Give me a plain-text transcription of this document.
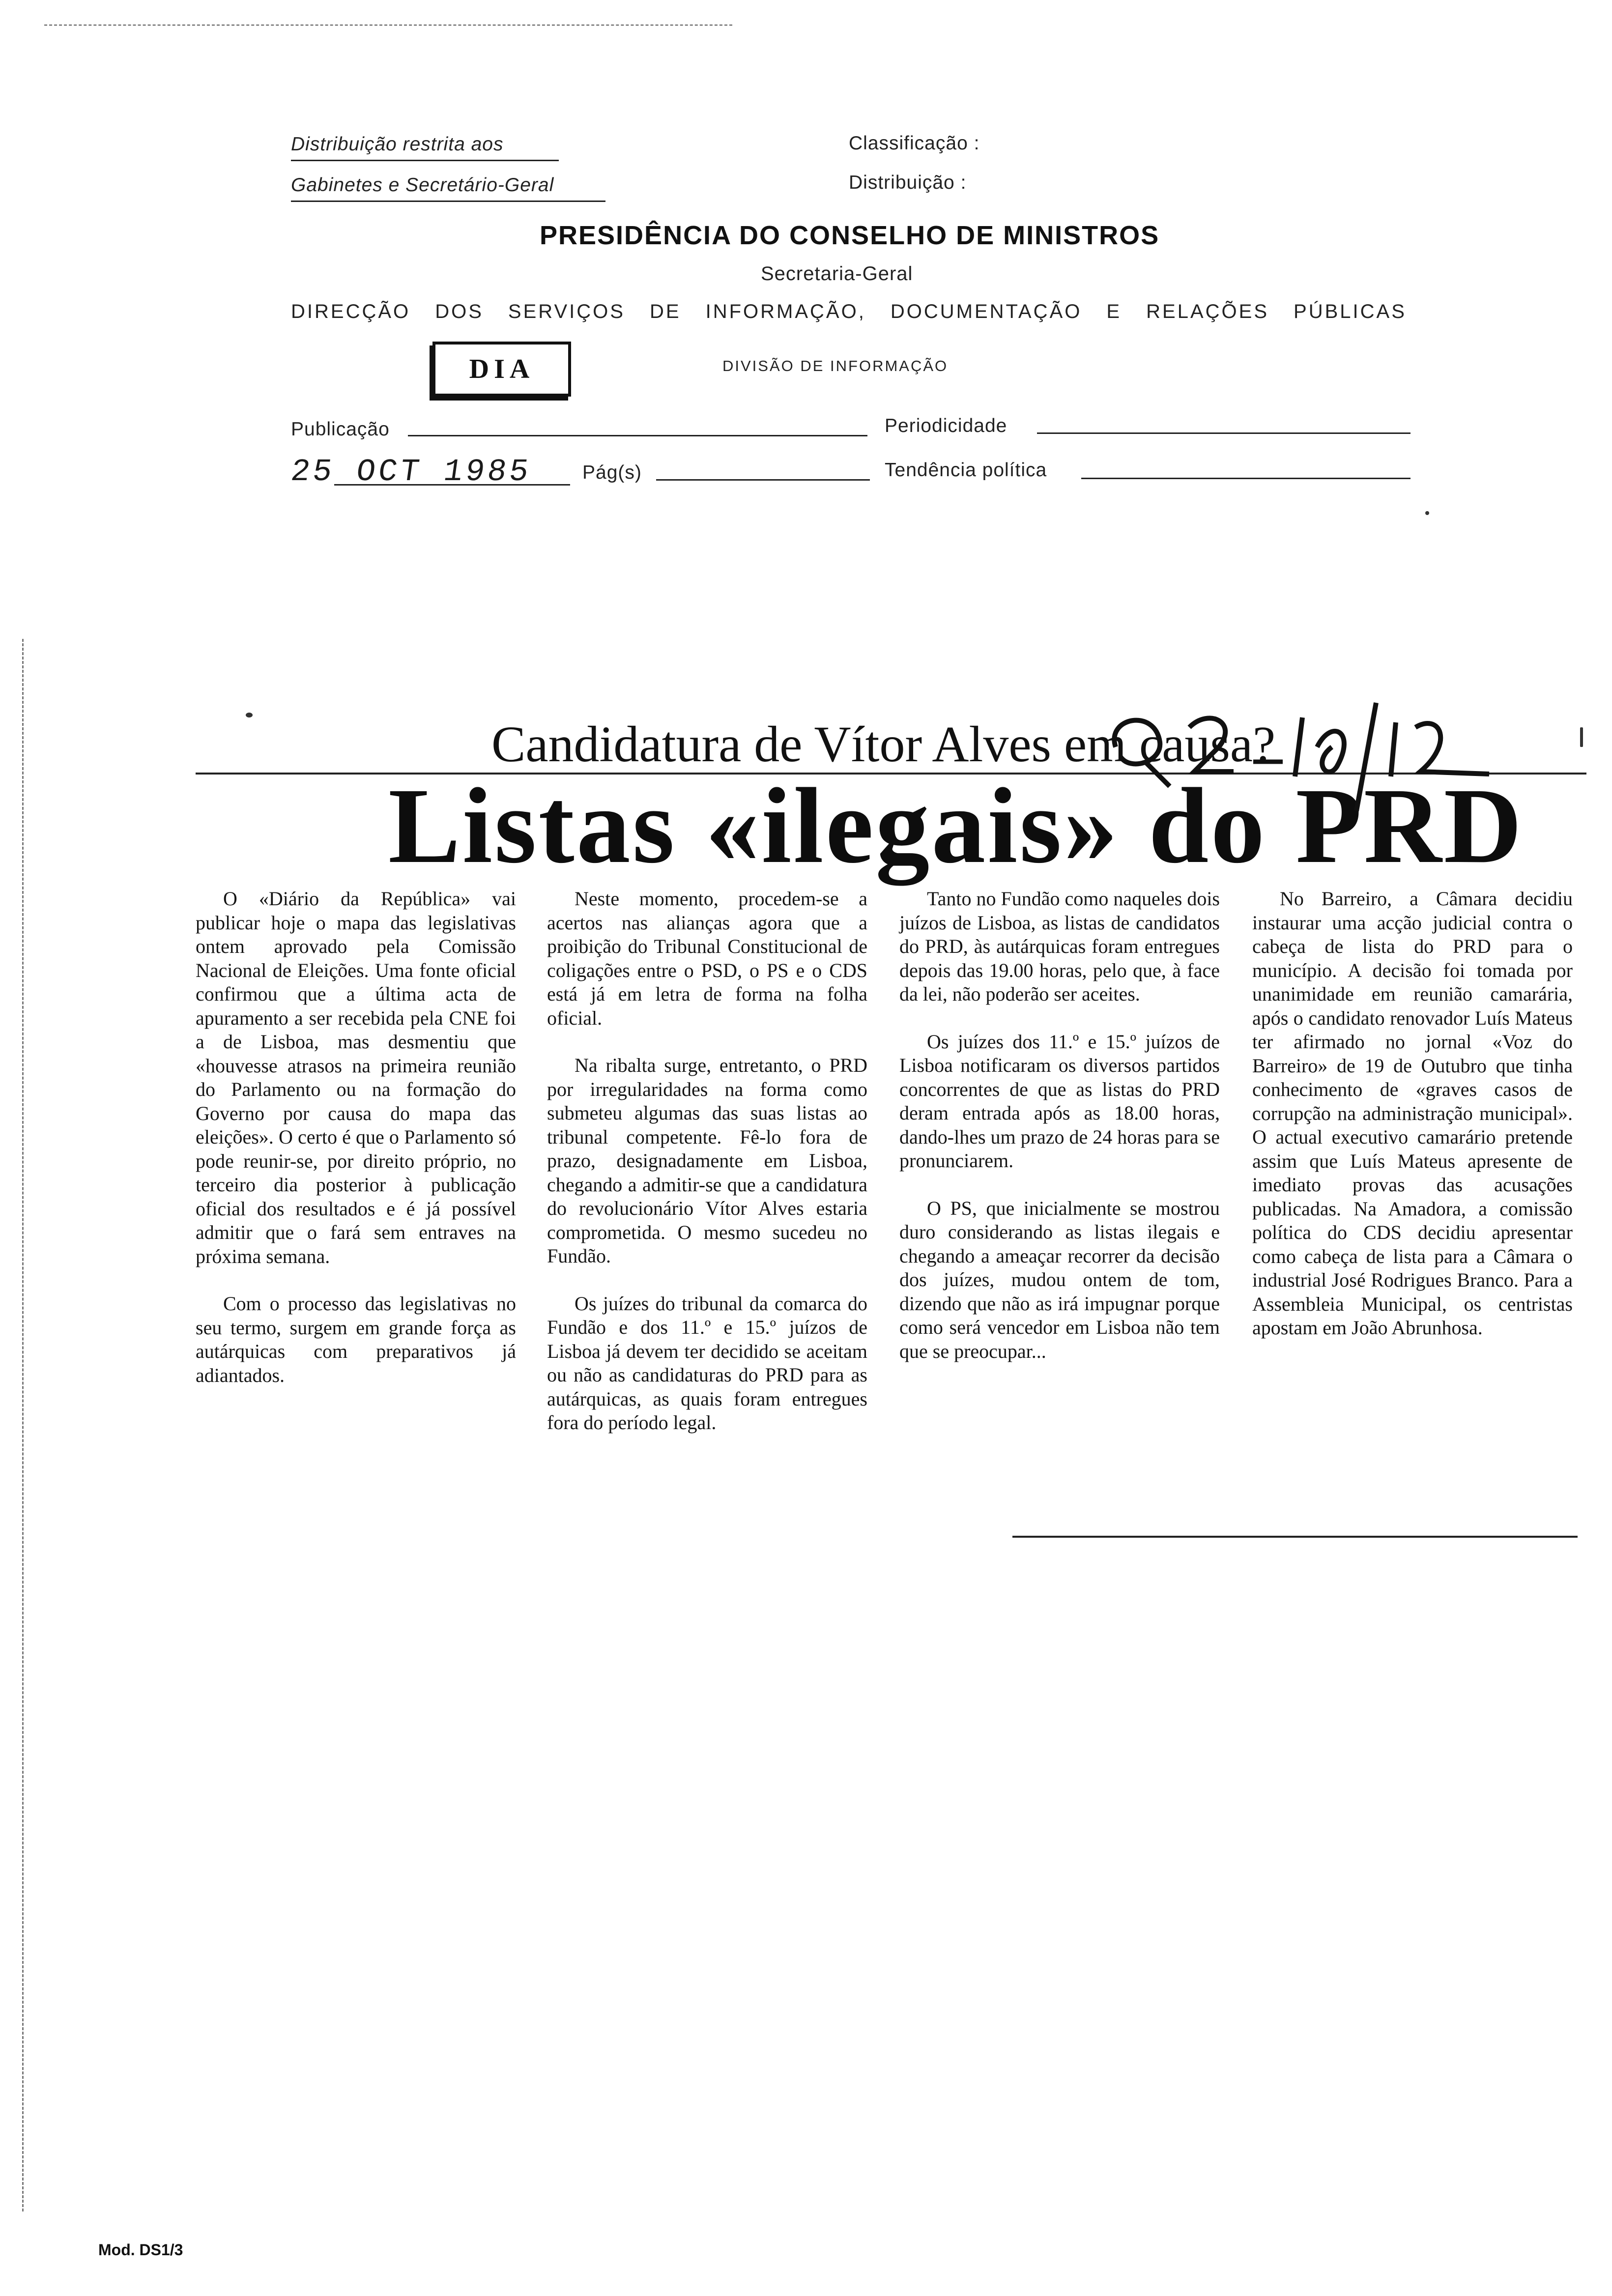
Distribuição restrita aos
Gabinetes e Secretário-Geral
Classificação :
Distribuição :
PRESIDÊNCIA DO CONSELHO DE MINISTROS
Secretaria-Geral
DIRECÇÃO DOS SERVIÇOS DE INFORMAÇÃO, DOCUMENTAÇÃO E RELAÇÕES PÚBLICAS
DIA	DIVISÃO DE INFORMAÇÃO
Publicação	Periodicidade
25 OCT 1985	Pág(s)	Tendência política
Candidatura de Vítor Alves em causa?
Listas «ilegais» do PRD

O «Diário da República» vai publicar hoje o mapa das legislativas ontem aprovado pela Comissão Nacional de Eleições. Uma fonte oficial confirmou que a última acta de apuramento a ser recebida pela CNE foi a de Lisboa, mas desmentiu que «houvesse atrasos na primeira reunião do Parlamento ou na formação do Governo por causa do mapa das eleições». O certo é que o Parlamento só pode reunir-se, por direito próprio, no terceiro dia posterior à publicação oficial dos resultados e é já possível admitir que o fará sem entraves na próxima semana.

Com o processo das legislativas no seu termo, surgem em grande força as autárquicas com preparativos já adiantados.

Neste momento, procedem-se a acertos nas alianças agora que a proibição do Tribunal Constitucional de coligações entre o PSD, o PS e o CDS está já em letra de forma na folha oficial.

Na ribalta surge, entretanto, o PRD por irregularidades na forma como submeteu algumas das suas listas ao tribunal competente. Fê-lo fora de prazo, designadamente em Lisboa, chegando a admitir-se que a candidatura do revolucionário Vítor Alves estaria comprometida. O mesmo sucedeu no Fundão.

Os juízes do tribunal da comarca do Fundão e dos 11.º e 15.º juízos de Lisboa já devem ter decidido se aceitam ou não as candidaturas do PRD para as autárquicas, as quais foram entregues fora do período legal.

Tanto no Fundão como naqueles dois juízos de Lisboa, as listas de candidatos do PRD, às autárquicas foram entregues depois das 19.00 horas, pelo que, à face da lei, não poderão ser aceites.

Os juízes dos 11.º e 15.º juízos de Lisboa notificaram os diversos partidos concorrentes de que as listas do PRD deram entrada após as 18.00 horas, dando-lhes um prazo de 24 horas para se pronunciarem.

O PS, que inicialmente se mostrou duro considerando as listas ilegais e chegando a ameaçar recorrer da decisão dos juízes, mudou ontem de tom, dizendo que não as irá impugnar porque como será vencedor em Lisboa não tem que se preocupar...

No Barreiro, a Câmara decidiu instaurar uma acção judicial contra o cabeça de lista do PRD para o município. A decisão foi tomada por unanimidade em reunião camarária, após o candidato renovador Luís Mateus ter afirmado no jornal «Voz do Barreiro» de 19 de Outubro que tinha conhecimento de «graves casos de corrupção na administração municipal». O actual executivo camarário pretende assim que Luís Mateus apresente de imediato provas das acusações publicadas. Na Amadora, a comissão política do CDS decidiu apresentar como cabeça de lista para a Câmara o industrial José Rodrigues Branco. Para a Assembleia Municipal, os centristas apostam em João Abrunhosa.

Mod. DS1/3
